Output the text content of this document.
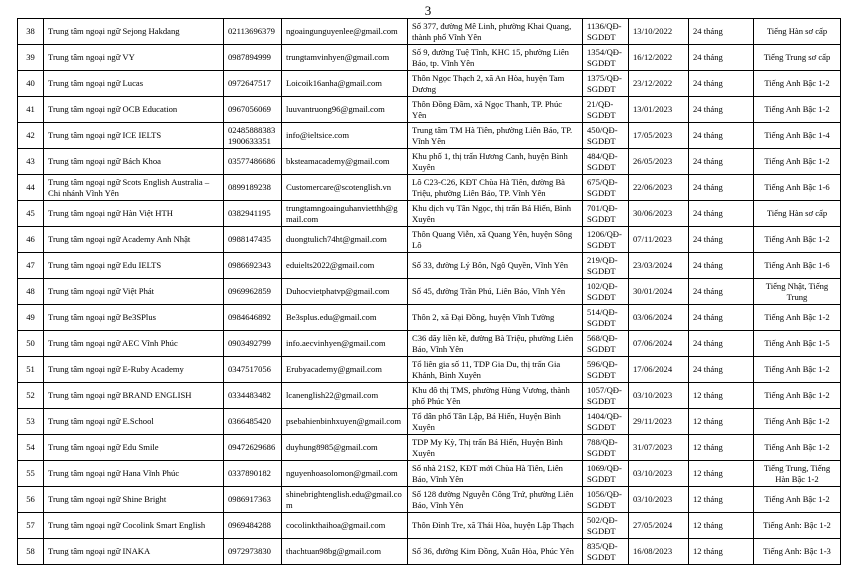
3
38	Trung tâm ngoại ngữ Sejong Hakdang	02113696379	ngoaingunguyenlee@gmail.com	Số 377, đường Mê Linh, phường Khai Quang, thành phố Vĩnh Yên	1136/QĐ-SGDĐT	13/10/2022	24 tháng	Tiếng Hàn sơ cấp
39	Trung tâm ngoại ngữ VY	0987894999	trungtamvinhyen@gmail.com	Số 9, đường Tuệ Tĩnh, KHC 15, phường Liên Bảo, tp. Vĩnh Yên	1354/QĐ-SGDĐT	16/12/2022	24 tháng	Tiếng Trung sơ cấp
40	Trung tâm ngoại ngữ Lucas	0972647517	Loicoik16anha@gmail.com	Thôn Ngọc Thạch 2, xã An Hòa, huyện Tam Dương	1375/QĐ-SGDĐT	23/12/2022	24 tháng	Tiếng Anh Bậc 1-2
41	Trung tâm ngoại ngữ OCB Education	0967056069	luuvantruong96@gmail.com	Thôn Đồng Đầm, xã Ngọc Thanh, TP. Phúc Yên	21/QĐ-SGDĐT	13/01/2023	24 tháng	Tiếng Anh Bậc 1-2
42	Trung tâm ngoại ngữ ICE IELTS	02485888383 1900633351	info@ieltsice.com	Trung tâm TM Hà Tiên, phường Liên Bảo, TP. Vĩnh Yên	450/QĐ-SGDĐT	17/05/2023	24 tháng	Tiếng Anh Bậc 1-4
43	Trung tâm ngoại ngữ Bách Khoa	03577486686	bksteamacademy@gmail.com	Khu phố 1, thị trấn Hương Canh, huyện Bình Xuyên	484/QĐ-SGDĐT	26/05/2023	24 tháng	Tiếng Anh Bậc 1-2
44	Trung tâm ngoại ngữ Scots English Australia – Chi nhánh Vĩnh Yên	0899189238	Customercare@scotenglish.vn	Lô C23-C26, KĐT Chùa Hà Tiên, đường Bà Triệu, phường Liên Bảo, TP. Vĩnh Yên	675/QĐ-SGDĐT	22/06/2023	24 tháng	Tiếng Anh Bậc 1-6
45	Trung tâm ngoại ngữ Hàn Việt HTH	0382941195	trungtamngoainguhanvietthh@gmail.com	Khu dịch vụ Tân Ngọc, thị trấn Bá Hiến, Bình Xuyên	701/QĐ-SGDĐT	30/06/2023	24 tháng	Tiếng Hàn sơ cấp
46	Trung tâm ngoại ngữ Academy Anh Nhật	0988147435	duongtulich74ht@gmail.com	Thôn Quang Viễn, xã Quang Yên, huyện Sông Lô	1206/QĐ-SGDĐT	07/11/2023	24 tháng	Tiếng Anh Bậc 1-2
47	Trung tâm ngoại ngữ Edu IELTS	0986692343	eduielts2022@gmail.com	Số 33, đường Lý Bôn, Ngô Quyền, Vĩnh Yên	219/QĐ-SGDĐT	23/03/2024	24 tháng	Tiếng Anh Bậc 1-6
48	Trung tâm ngoại ngữ Việt Phát	0969962859	Duhocvietphatvp@gmail.com	Số 45, đường Trần Phú, Liên Bảo, Vĩnh Yên	102/QĐ-SGDĐT	30/01/2024	24 tháng	Tiếng Nhật, Tiếng Trung
49	Trung tâm ngoại ngữ Be3SPlus	0984646892	Be3splus.edu@gmail.com	Thôn 2, xã Đại Đồng, huyện Vĩnh Tường	514/QĐ-SGDĐT	03/06/2024	24 tháng	Tiếng Anh Bậc 1-2
50	Trung tâm ngoại ngữ AEC Vĩnh Phúc	0903492799	info.aecvinhyen@gmail.com	C36 dãy liền kề, đường Bà Triệu, phường Liên Bảo, Vĩnh Yên	568/QĐ-SGDĐT	07/06/2024	24 tháng	Tiếng Anh Bậc 1-5
51	Trung tâm ngoại ngữ E-Ruby Academy	0347517056	Erubyacademy@gmail.com	Tổ liên gia số 11, TDP Gia Du, thị trấn Gia Khánh, Bình Xuyên	596/QĐ-SGDĐT	17/06/2024	24 tháng	Tiếng Anh Bậc 1-2
52	Trung tâm ngoại ngữ BRAND ENGLISH	0334483482	lcanenglish22@gmail.com	Khu đô thị TMS, phường Hùng Vương, thành phố Phúc Yên	1057/QĐ-SGDĐT	03/10/2023	12 tháng	Tiếng Anh Bậc 1-2
53	Trung tâm ngoại ngữ E.School	0366485420	psebahienbinhxuyen@gmail.com	Tổ dân phố Tân Lập, Bá Hiến, Huyện Bình Xuyên	1404/QĐ-SGDĐT	29/11/2023	12 tháng	Tiếng Anh Bậc 1-2
54	Trung tâm ngoại ngữ Edu Smile	09472629686	duyhung8985@gmail.com	TDP My Kỳ, Thị trấn Bá Hiến, Huyện Bình Xuyên	788/QĐ-SGDĐT	31/07/2023	12 tháng	Tiếng Anh Bậc 1-2
55	Trung tâm ngoại ngữ Hana Vĩnh Phúc	0337890182	nguyenhoasolomon@gmail.com	Số nhà 21S2, KĐT mới Chùa Hà Tiên, Liên Bảo, Vĩnh Yên	1069/QĐ-SGDĐT	03/10/2023	12 tháng	Tiếng Trung, Tiếng Hàn Bậc 1-2
56	Trung tâm ngoại ngữ Shine Bright	0986917363	shinebrightenglish.edu@gmail.com	Số 128 đường Nguyễn Công Trứ, phường Liên Bảo, Vĩnh Yên	1056/QĐ-SGDĐT	03/10/2023	12 tháng	Tiếng Anh Bậc 1-2
57	Trung tâm ngoại ngữ Cocolink Smart English	0969484288	cocolinkthaihoa@gmail.com	Thôn Đình Tre, xã Thái Hòa, huyện Lập Thạch	502/QĐ-SGDĐT	27/05/2024	12 tháng	Tiếng Anh: Bậc 1-2
58	Trung tâm ngoại ngữ INAKA	0972973830	thachtuan98bg@gmail.com	Số 36, đường Kim Đồng, Xuân Hòa, Phúc Yên	835/QĐ-SGDĐT	16/08/2023	12 tháng	Tiếng Anh: Bậc 1-3
